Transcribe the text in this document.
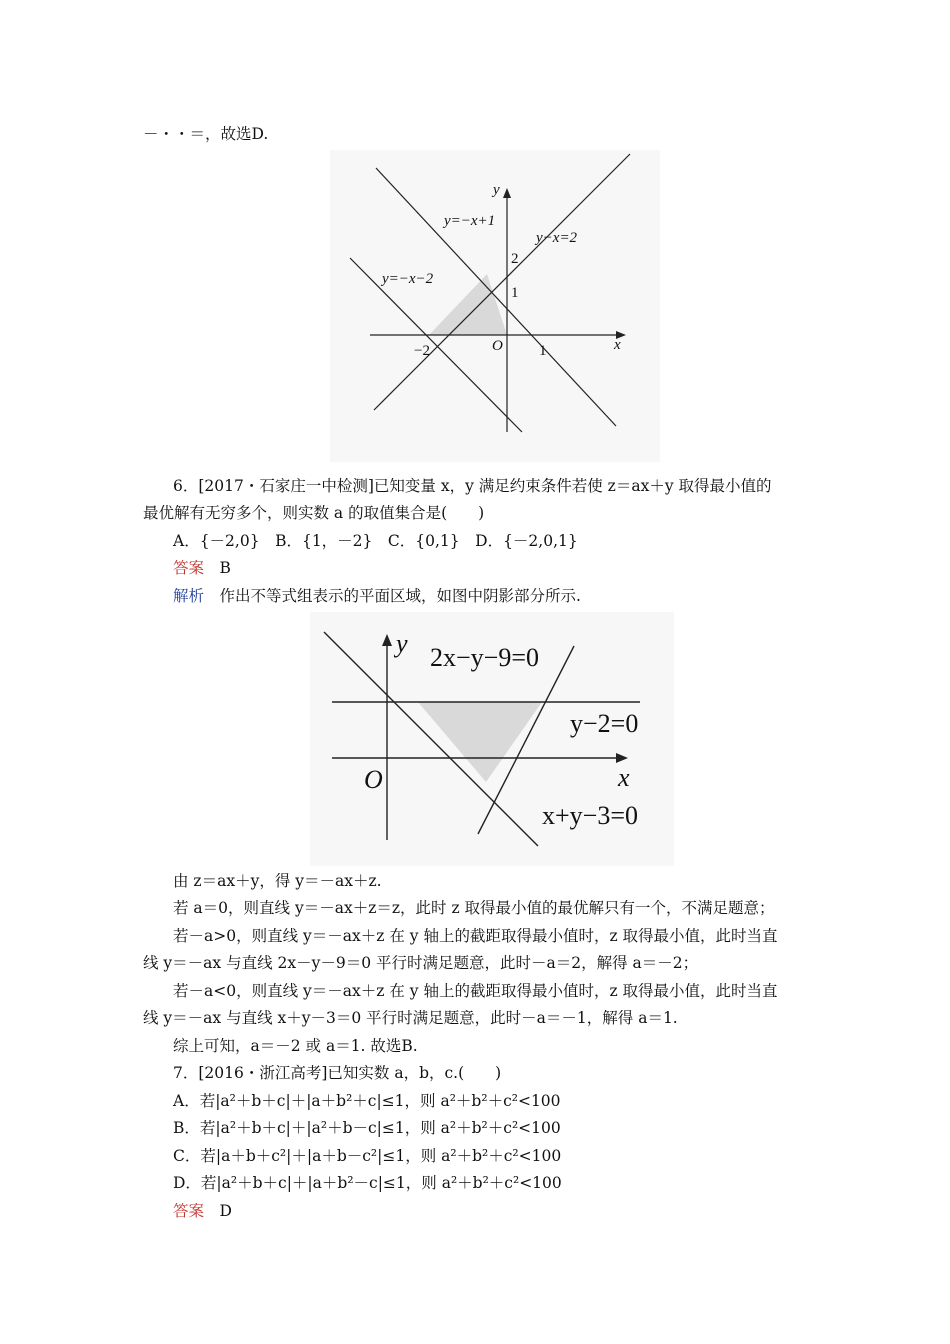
－・・＝，故选D.
y
x
O
2
1
−2	1
y=−x+1
y−x=2
y=−x−2
6．[2017・石家庄一中检测]已知变量 x，y 满足约束条件若使 z＝ax＋y 取得最小值的
最优解有无穷多个，则实数 a 的取值集合是(　　)
A．{－2,0}　B．{1，－2}　C．{0,1}　D．{－2,0,1}
答案　 B
解析　 作出不等式组表示的平面区域，如图中阴影部分所示.
y
x
O
2x−y−9=0
y−2=0
x+y−3=0
由 z＝ax＋y，得 y＝－ax＋z.
若 a＝0，则直线 y＝－ax＋z＝z，此时 z 取得最小值的最优解只有一个，不满足题意；
若－a>0，则直线 y＝－ax＋z 在 y 轴上的截距取得最小值时，z 取得最小值，此时当直
线 y＝－ax 与直线 2x－y－9＝0 平行时满足题意，此时－a＝2，解得 a＝－2；
若－a<0，则直线 y＝－ax＋z 在 y 轴上的截距取得最小值时，z 取得最小值，此时当直
线 y＝－ax 与直线 x＋y－3＝0 平行时满足题意，此时－a＝－1，解得 a＝1.
综上可知，a＝－2 或 a＝1. 故选B.
7．[2016・浙江高考]已知实数 a，b，c.(　　)
A．若|a²＋b＋c|＋|a＋b²＋c|≤1，则 a²＋b²＋c²<100
B．若|a²＋b＋c|＋|a²＋b－c|≤1，则 a²＋b²＋c²<100
C．若|a＋b＋c²|＋|a＋b－c²|≤1，则 a²＋b²＋c²<100
D．若|a²＋b＋c|＋|a＋b²－c|≤1，则 a²＋b²＋c²<100
答案　 D
